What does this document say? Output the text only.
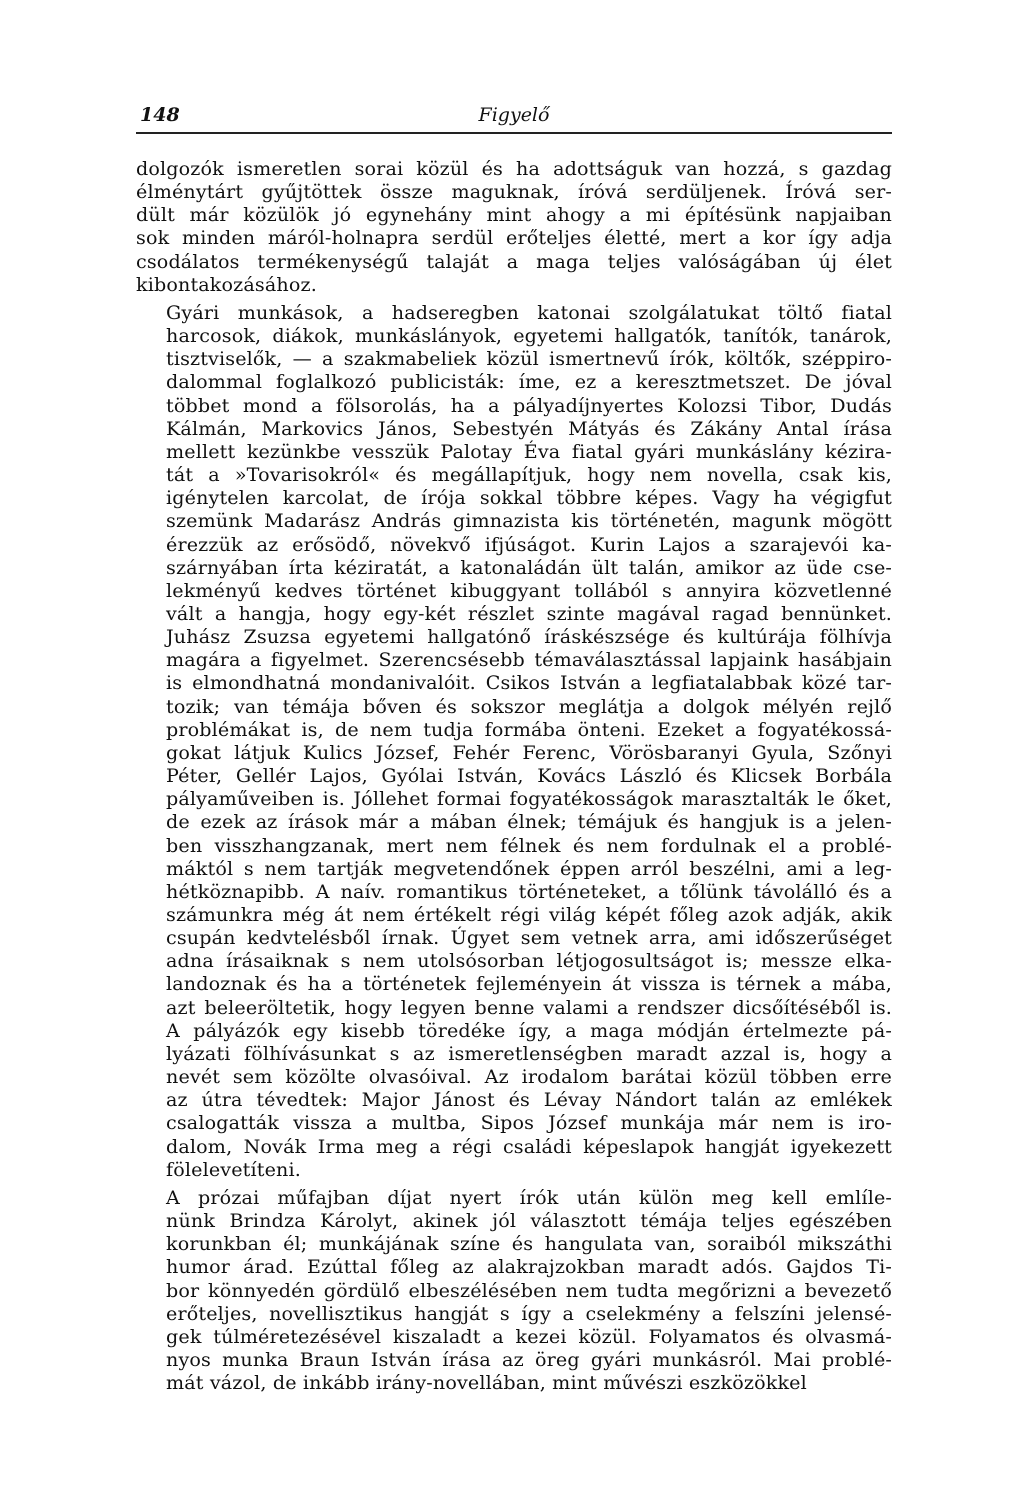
148	Figyelő

dolgozók ismeretlen sorai közül és ha adottságuk van hozzá, s gazdag
élménytárt gyűjtöttek össze maguknak, íróvá serdüljenek. Íróvá ser-
dült már közülök jó egynehány mint ahogy a mi építésünk napjaiban
sok minden máról-holnapra serdül erőteljes életté, mert a kor így adja
csodálatos termékenységű talaját a maga teljes valóságában új élet
kibontakozásához.

Gyári munkások, a hadseregben katonai szolgálatukat töltő fiatal
harcosok, diákok, munkáslányok, egyetemi hallgatók, tanítók, tanárok,
tisztviselők, — a szakmabeliek közül ismertnevű írók, költők, széppiro-
dalommal foglalkozó publicisták: íme, ez a keresztmetszet. De jóval
többet mond a fölsorolás, ha a pályadíjnyertes Kolozsi Tibor, Dudás
Kálmán, Markovics János, Sebestyén Mátyás és Zákány Antal írása
mellett kezünkbe vesszük Palotay Éva fiatal gyári munkáslány kézira-
tát a »Tovarisokról« és megállapítjuk, hogy nem novella, csak kis,
igénytelen karcolat, de írója sokkal többre képes. Vagy ha végigfut
szemünk Madarász András gimnazista kis történetén, magunk mögött
érezzük az erősödő, növekvő ifjúságot. Kurin Lajos a szarajevói ka-
szárnyában írta kéziratát, a katonaládán ült talán, amikor az üde cse-
lekményű kedves történet kibuggyant tollából s annyira közvetlenné
vált a hangja, hogy egy-két részlet szinte magával ragad bennünket.
Juhász Zsuzsa egyetemi hallgatónő íráskészsége és kultúrája fölhívja
magára a figyelmet. Szerencsésebb témaválasztással lapjaink hasábjain
is elmondhatná mondanivalóit. Csikos István a legfiatalabbak közé tar-
tozik; van témája bőven és sokszor meglátja a dolgok mélyén rejlő
problémákat is, de nem tudja formába önteni. Ezeket a fogyatékossá-
gokat látjuk Kulics József, Fehér Ferenc, Vörösbaranyi Gyula, Szőnyi
Péter, Gellér Lajos, Gyólai István, Kovács László és Klicsek Borbála
pályaműveiben is. Jóllehet formai fogyatékosságok marasztalták le őket,
de ezek az írások már a mában élnek; témájuk és hangjuk is a jelen-
ben visszhangzanak, mert nem félnek és nem fordulnak el a problé-
máktól s nem tartják megvetendőnek éppen arról beszélni, ami a leg-
hétköznapibb. A naív. romantikus történeteket, a tőlünk távolálló és a
számunkra még át nem értékelt régi világ képét főleg azok adják, akik
csupán kedvtelésből írnak. Úgyet sem vetnek arra, ami időszerűséget
adna írásaiknak s nem utolsósorban létjogosultságot is; messze elka-
landoznak és ha a történetek fejleményein át vissza is térnek a mába,
azt beleeröltetik, hogy legyen benne valami a rendszer dicsőítéséből is.
A pályázók egy kisebb töredéke így, a maga módján értelmezte pá-
lyázati fölhívásunkat s az ismeretlenségben maradt azzal is, hogy a
nevét sem közölte olvasóival. Az irodalom barátai közül többen erre
az útra tévedtek: Major Jánost és Lévay Nándort talán az emlékek
csalogatták vissza a multba, Sipos József munkája már nem is iro-
dalom, Novák Irma meg a régi családi képeslapok hangját igyekezett
fölelevetíteni.

A prózai műfajban díjat nyert írók után külön meg kell emlíle-
nünk Brindza Károlyt, akinek jól választott témája teljes egészében
korunkban él; munkájának színe és hangulata van, soraiból mikszáthi
humor árad. Ezúttal főleg az alakrajzokban maradt adós. Gajdos Ti-
bor könnyedén gördülő elbeszélésében nem tudta megőrizni a bevezető
erőteljes, novellisztikus hangját s így a cselekmény a felszíni jelensé-
gek túlméretezésével kiszaladt a kezei közül. Folyamatos és olvasmá-
nyos munka Braun István írása az öreg gyári munkásról. Mai problé-
mát vázol, de inkább irány-novellában, mint művészi eszközökkel
